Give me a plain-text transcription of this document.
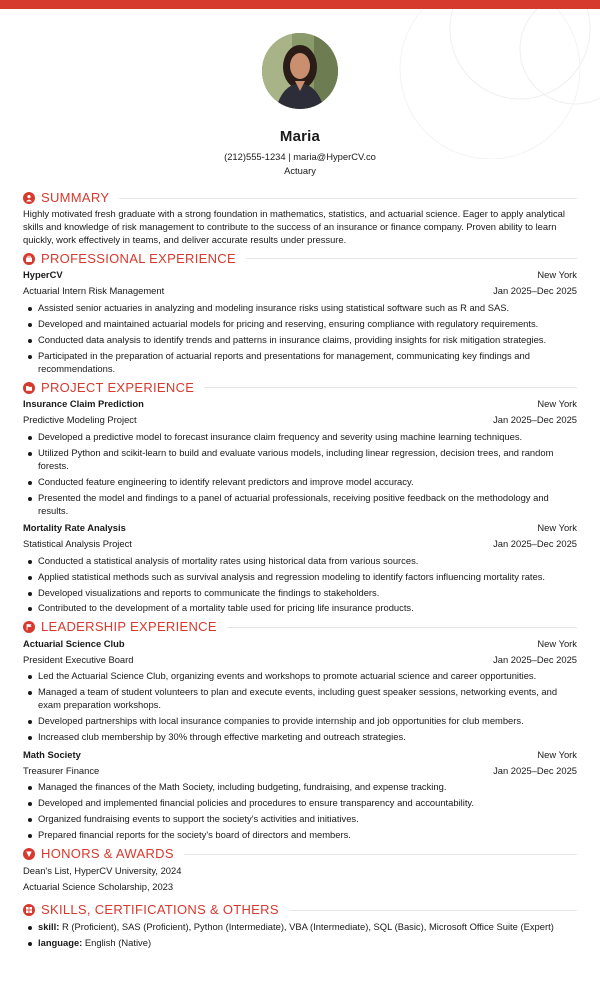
Maria
(212)555-1234 | maria@HyperCV.co
Actuary
SUMMARY
Highly motivated fresh graduate with a strong foundation in mathematics, statistics, and actuarial science. Eager to apply analytical skills and knowledge of risk management to contribute to the success of an insurance or finance company. Proven ability to learn quickly, work effectively in teams, and deliver accurate results under pressure.
PROFESSIONAL EXPERIENCE
HyperCV	New York
Actuarial Intern Risk Management	Jan 2025–Dec 2025
Assisted senior actuaries in analyzing and modeling insurance risks using statistical software such as R and SAS.
Developed and maintained actuarial models for pricing and reserving, ensuring compliance with regulatory requirements.
Conducted data analysis to identify trends and patterns in insurance claims, providing insights for risk mitigation strategies.
Participated in the preparation of actuarial reports and presentations for management, communicating key findings and recommendations.
PROJECT EXPERIENCE
Insurance Claim Prediction	New York
Predictive Modeling Project	Jan 2025–Dec 2025
Developed a predictive model to forecast insurance claim frequency and severity using machine learning techniques.
Utilized Python and scikit-learn to build and evaluate various models, including linear regression, decision trees, and random forests.
Conducted feature engineering to identify relevant predictors and improve model accuracy.
Presented the model and findings to a panel of actuarial professionals, receiving positive feedback on the methodology and results.
Mortality Rate Analysis	New York
Statistical Analysis Project	Jan 2025–Dec 2025
Conducted a statistical analysis of mortality rates using historical data from various sources.
Applied statistical methods such as survival analysis and regression modeling to identify factors influencing mortality rates.
Developed visualizations and reports to communicate the findings to stakeholders.
Contributed to the development of a mortality table used for pricing life insurance products.
LEADERSHIP EXPERIENCE
Actuarial Science Club	New York
President Executive Board	Jan 2025–Dec 2025
Led the Actuarial Science Club, organizing events and workshops to promote actuarial science and career opportunities.
Managed a team of student volunteers to plan and execute events, including guest speaker sessions, networking events, and exam preparation workshops.
Developed partnerships with local insurance companies to provide internship and job opportunities for club members.
Increased club membership by 30% through effective marketing and outreach strategies.
Math Society	New York
Treasurer Finance	Jan 2025–Dec 2025
Managed the finances of the Math Society, including budgeting, fundraising, and expense tracking.
Developed and implemented financial policies and procedures to ensure transparency and accountability.
Organized fundraising events to support the society's activities and initiatives.
Prepared financial reports for the society's board of directors and members.
HONORS & AWARDS
Dean's List, HyperCV University, 2024
Actuarial Science Scholarship, 2023
SKILLS, CERTIFICATIONS & OTHERS
skill: R (Proficient), SAS (Proficient), Python (Intermediate), VBA (Intermediate), SQL (Basic), Microsoft Office Suite (Expert)
language: English (Native)
